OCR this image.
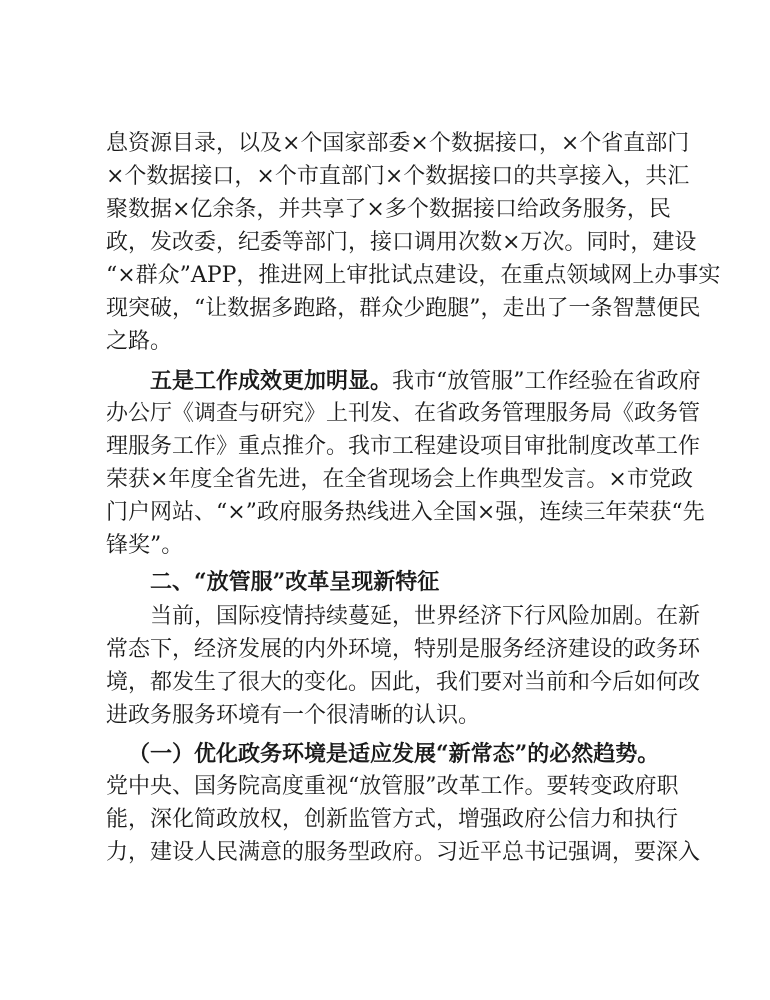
息资源目录，以及×个国家部委×个数据接口，×个省直部门
×个数据接口，×个市直部门×个数据接口的共享接入，共汇
聚数据×亿余条，并共享了×多个数据接口给政务服务，民
政，发改委，纪委等部门，接口调用次数×万次。同时，建设
“×群众”APP，推进网上审批试点建设，在重点领域网上办事实
现突破，“让数据多跑路，群众少跑腿”，走出了一条智慧便民
之路。
五是工作成效更加明显。我市“放管服”工作经验在省政府
办公厅《调查与研究》上刊发、在省政务管理服务局《政务管
理服务工作》重点推介。我市工程建设项目审批制度改革工作
荣获×年度全省先进，在全省现场会上作典型发言。×市党政
门户网站、“×”政府服务热线进入全国×强，连续三年荣获“先
锋奖”。
二、“放管服”改革呈现新特征
当前，国际疫情持续蔓延，世界经济下行风险加剧。在新
常态下，经济发展的内外环境，特别是服务经济建设的政务环
境，都发生了很大的变化。因此，我们要对当前和今后如何改
进政务服务环境有一个很清晰的认识。
（一）优化政务环境是适应发展“新常态”的必然趋势。
党中央、国务院高度重视“放管服”改革工作。要转变政府职
能，深化简政放权，创新监管方式，增强政府公信力和执行
力，建设人民满意的服务型政府。习近平总书记强调，要深入
